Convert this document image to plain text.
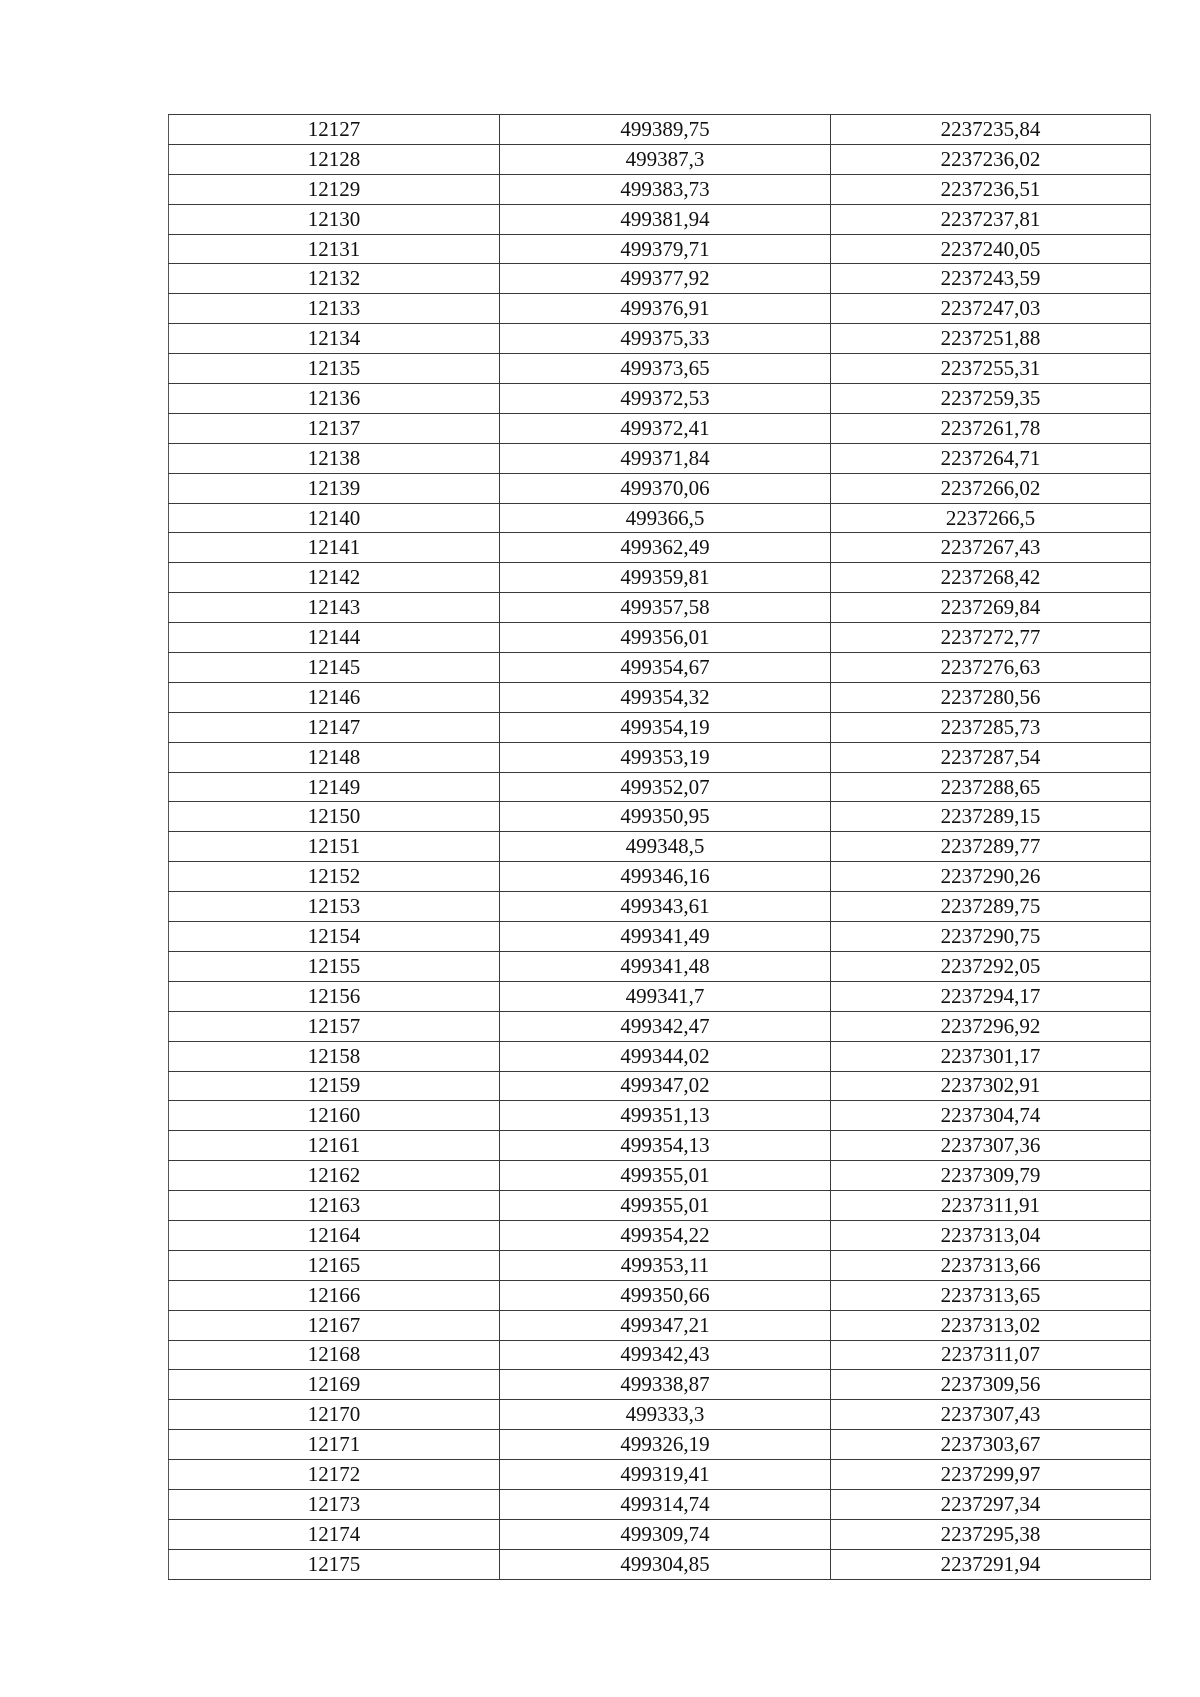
12127	499389,75	2237235,84
12128	499387,3	2237236,02
12129	499383,73	2237236,51
12130	499381,94	2237237,81
12131	499379,71	2237240,05
12132	499377,92	2237243,59
12133	499376,91	2237247,03
12134	499375,33	2237251,88
12135	499373,65	2237255,31
12136	499372,53	2237259,35
12137	499372,41	2237261,78
12138	499371,84	2237264,71
12139	499370,06	2237266,02
12140	499366,5	2237266,5
12141	499362,49	2237267,43
12142	499359,81	2237268,42
12143	499357,58	2237269,84
12144	499356,01	2237272,77
12145	499354,67	2237276,63
12146	499354,32	2237280,56
12147	499354,19	2237285,73
12148	499353,19	2237287,54
12149	499352,07	2237288,65
12150	499350,95	2237289,15
12151	499348,5	2237289,77
12152	499346,16	2237290,26
12153	499343,61	2237289,75
12154	499341,49	2237290,75
12155	499341,48	2237292,05
12156	499341,7	2237294,17
12157	499342,47	2237296,92
12158	499344,02	2237301,17
12159	499347,02	2237302,91
12160	499351,13	2237304,74
12161	499354,13	2237307,36
12162	499355,01	2237309,79
12163	499355,01	2237311,91
12164	499354,22	2237313,04
12165	499353,11	2237313,66
12166	499350,66	2237313,65
12167	499347,21	2237313,02
12168	499342,43	2237311,07
12169	499338,87	2237309,56
12170	499333,3	2237307,43
12171	499326,19	2237303,67
12172	499319,41	2237299,97
12173	499314,74	2237297,34
12174	499309,74	2237295,38
12175	499304,85	2237291,94
